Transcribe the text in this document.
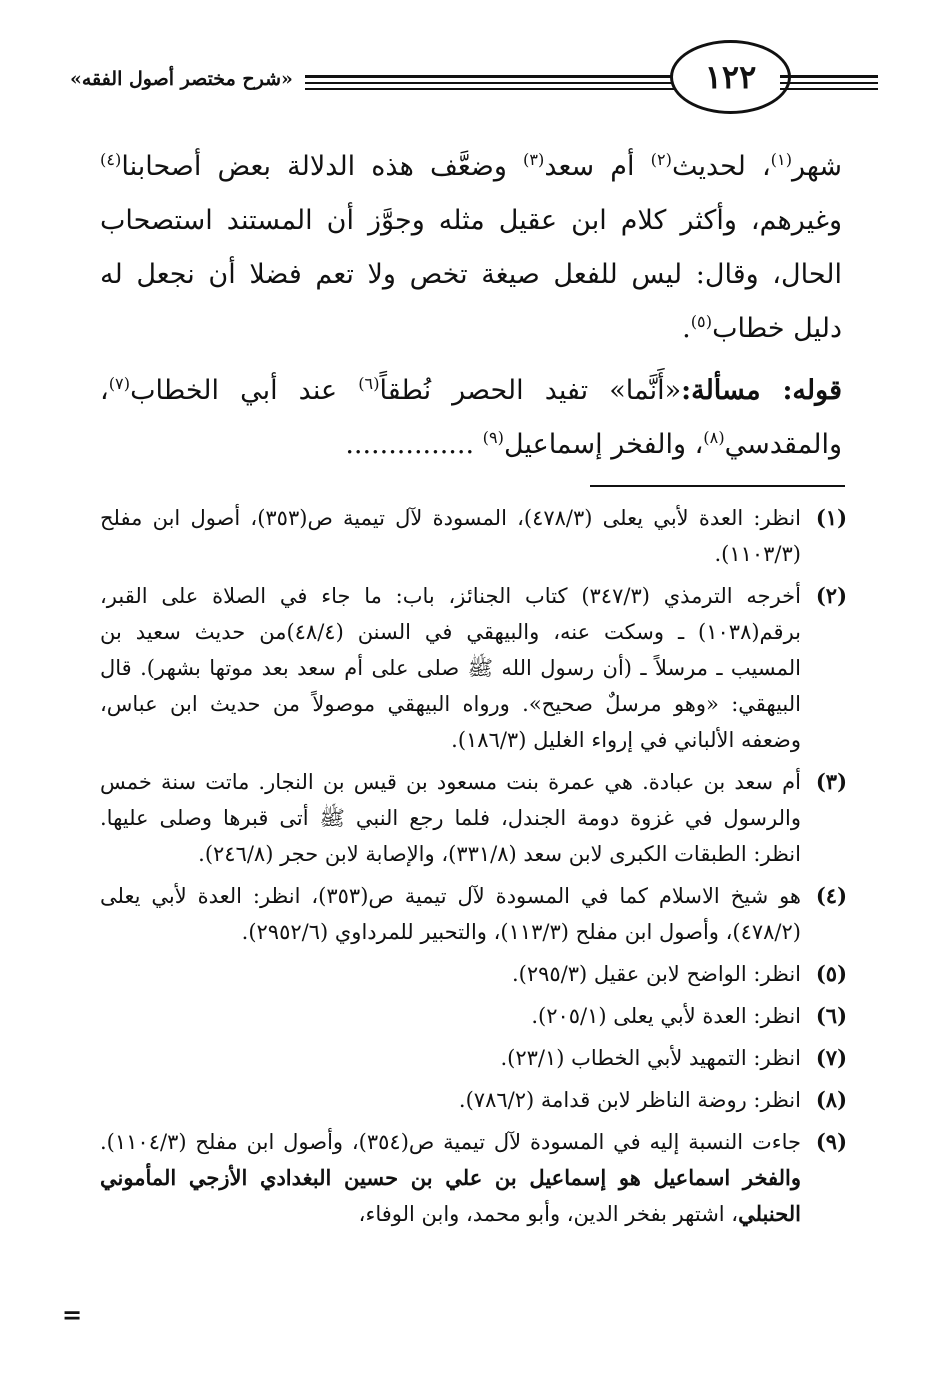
«شرح مختصر أصول الفقه»	١٢٢

شهر$^{(١)}$، لحديث$^{(٢)}$ أم سعد$^{(٣)}$ وضعَّف هذه الدلالة بعض أصحابنا$^{(٤)}$ وغيرهم، وأكثر كلام ابن عقيل مثله وجوَّز أن المستند استصحاب الحال، وقال: ليس للفعل صيغة تخص ولا تعم فضلا أن نجعل له دليل خطاب$^{(٥)}$.

قوله: مسألة:«أَنَّما» تفيد الحصر نُطقاً$^{(٦)}$ عند أبي الخطاب$^{(٧)}$، والمقدسي$^{(٨)}$، والفخر إسماعيل$^{(٩)}$ ...............

(١)
انظر: العدة لأبي يعلى (٤٧٨/٣)، المسودة لآل تيمية ص(٣٥٣)، أصول ابن مفلح (١١٠٣/٣).
(٢)
أخرجه الترمذي (٣٤٧/٣) كتاب الجنائز، باب: ما جاء في الصلاة على القبر، برقم(١٠٣٨) ـ وسكت عنه، والبيهقي في السنن (٤٨/٤)من حديث سعيد بن المسيب ـ مرسلاً ـ (أن رسول الله ﷺ صلى على أم سعد بعد موتها بشهر). قال البيهقي: «وهو مرسلٌ صحيح». ورواه البيهقي موصولاً من حديث ابن عباس، وضعفه الألباني في إرواء الغليل (١٨٦/٣).
(٣)
أم سعد بن عبادة. هي عمرة بنت مسعود بن قيس بن النجار. ماتت سنة خمس والرسول في غزوة دومة الجندل، فلما رجع النبي ﷺ أتى قبرها وصلى عليها. انظر: الطبقات الكبرى لابن سعد (٣٣١/٨)، والإصابة لابن حجر (٢٤٦/٨).
(٤)
هو شيخ الاسلام كما في المسودة لآل تيمية ص(٣٥٣)، انظر: العدة لأبي يعلى (٤٧٨/٢)، وأصول ابن مفلح (١١٣/٣)، والتحبير للمرداوي (٢٩٥٢/٦).
(٥)
انظر: الواضح لابن عقيل (٢٩٥/٣).
(٦)
انظر: العدة لأبي يعلى (٢٠٥/١).
(٧)
انظر: التمهيد لأبي الخطاب (٢٣/١).
(٨)
انظر: روضة الناظر لابن قدامة (٧٨٦/٢).
(٩)
جاءت النسبة إليه في المسودة لآل تيمية ص(٣٥٤)، وأصول ابن مفلح (١١٠٤/٣). والفخر اسماعيل هو إسماعيل بن علي بن حسين البغدادي الأزجي المأموني الحنبلي، اشتهر بفخر الدين، وأبو محمد، وابن الوفاء،
=
